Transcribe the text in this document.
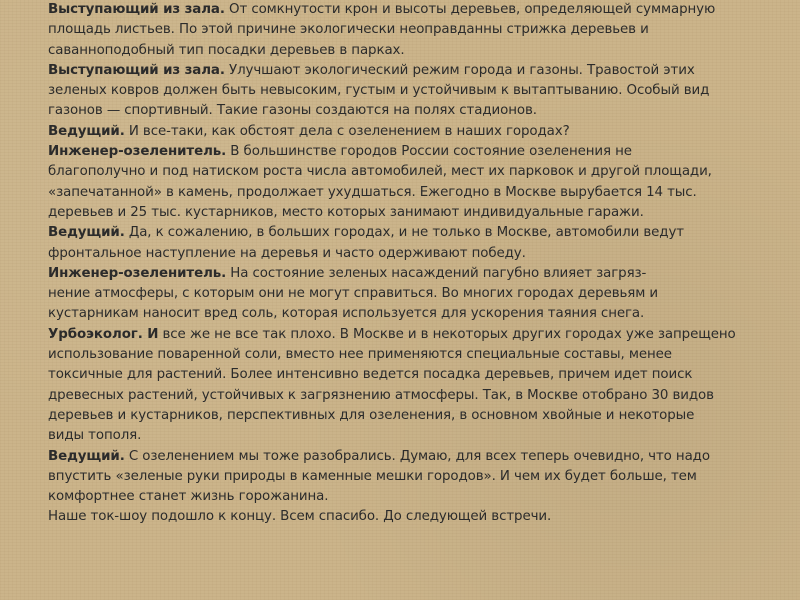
Выступающий из зала. От сомкнутости крон и высоты деревьев, определяющей суммарную
площадь листьев. По этой причине экологически неоправданны стрижка деревьев и
саванноподобный тип посадки деревьев в парках.
Выступающий из зала. Улучшают экологический режим города и газоны. Травостой этих
зеленых ковров должен быть невысоким, густым и устойчивым к вытаптыванию. Особый вид
газонов — спортивный. Такие газоны создаются на полях стадионов.
Ведущий. И все-таки, как обстоят дела с озеленением в наших городах?
Инженер-озеленитель. В большинстве городов России состояние озеленения не
благополучно и под натиском роста числа автомобилей, мест их парковок и другой площади,
«запечатанной» в камень, продолжает ухудшаться. Ежегодно в Москве вырубается 14 тыс.
деревьев и 25 тыс. кустарников, место которых занимают индивидуальные гаражи.
Ведущий. Да, к сожалению, в больших городах, и не только в Москве, автомобили ведут
фронтальное наступление на деревья и часто одерживают победу.
Инженер-озеленитель. На состояние зеленых насаждений пагубно влияет загряз-
нение атмосферы, с которым они не могут справиться. Во многих городах деревьям и
кустарникам наносит вред соль, которая используется для ускорения таяния снега.
Урбоэколог. И все же не все так плохо. В Москве и в некоторых других городах уже запрещено
использование поваренной соли, вместо нее применяются специальные составы, менее
токсичные для растений. Более интенсивно ведется посадка деревьев, причем идет поиск
древесных растений, устойчивых к загрязнению атмосферы. Так, в Москве отобрано 30 видов
деревьев и кустарников, перспективных для озеленения, в основном хвойные и некоторые
виды тополя.
Ведущий. С озеленением мы тоже разобрались. Думаю, для всех теперь очевидно, что надо
впустить «зеленые руки природы в каменные мешки городов». И чем их будет больше, тем
комфортнее станет жизнь горожанина.
Наше ток-шоу подошло к концу. Всем спасибо. До следующей встречи.
